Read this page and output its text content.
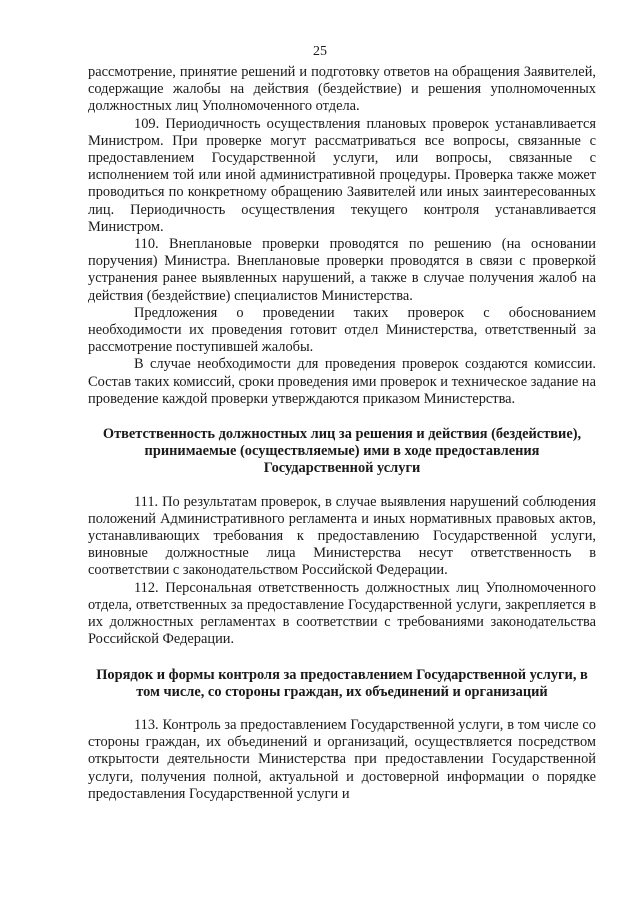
25

рассмотрение, принятие решений и подготовку ответов на обращения Заявителей, содержащие жалобы на действия (бездействие) и решения уполномоченных должностных лиц Уполномоченного отдела.

109. Периодичность осуществления плановых проверок устанавливается Министром. При проверке могут рассматриваться все вопросы, связанные с предоставлением Государственной услуги, или вопросы, связанные с исполнением той или иной административной процедуры. Проверка также может проводиться по конкретному обращению Заявителей или иных заинтересованных лиц. Периодичность осуществления текущего контроля устанавливается Министром.

110. Внеплановые проверки проводятся по решению (на основании поручения) Министра. Внеплановые проверки проводятся в связи с проверкой устранения ранее выявленных нарушений, а также в случае получения жалоб на действия (бездействие) специалистов Министерства.

Предложения о проведении таких проверок с обоснованием необходимости их проведения готовит отдел Министерства, ответственный за рассмотрение поступившей жалобы.

В случае необходимости для проведения проверок создаются комиссии. Состав таких комиссий, сроки проведения ими проверок и техническое задание на проведение каждой проверки утверждаются приказом Министерства.

Ответственность должностных лиц за решения и действия (бездействие), принимаемые (осуществляемые) ими в ходе предоставления Государственной услуги

111. По результатам проверок, в случае выявления нарушений соблюдения положений Административного регламента и иных нормативных правовых актов, устанавливающих требования к предоставлению Государственной услуги, виновные должностные лица Министерства несут ответственность в соответствии с законодательством Российской Федерации.

112. Персональная ответственность должностных лиц Уполномоченного отдела, ответственных за предоставление Государственной услуги, закрепляется в их должностных регламентах в соответствии с требованиями законодательства Российской Федерации.

Порядок и формы контроля за предоставлением Государственной услуги, в том числе, со стороны граждан, их объединений и организаций

113. Контроль за предоставлением Государственной услуги, в том числе со стороны граждан, их объединений и организаций, осуществляется посредством открытости деятельности Министерства при предоставлении Государственной услуги, получения полной, актуальной и достоверной информации о порядке предоставления Государственной услуги и
